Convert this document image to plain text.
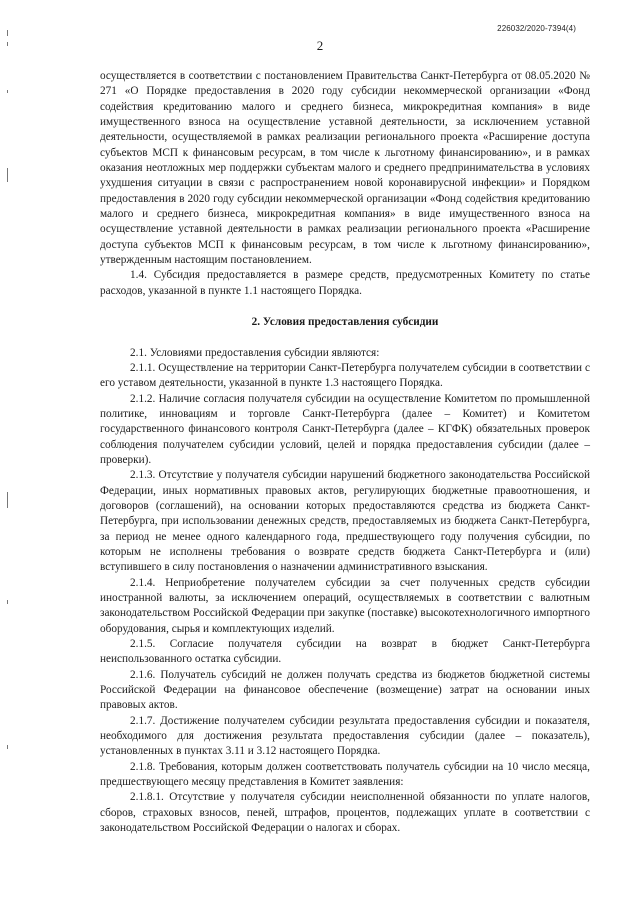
226032/2020-7394(4)
2

осуществляется в соответствии с постановлением Правительства Санкт-Петербурга от 08.05.2020 № 271 «О Порядке предоставления в 2020 году субсидии некоммерческой организации «Фонд содействия кредитованию малого и среднего бизнеса, микрокредитная компания» в виде имущественного взноса на осуществление уставной деятельности, за исключением уставной деятельности, осуществляемой в рамках реализации регионального проекта «Расширение доступа субъектов МСП к финансовым ресурсам, в том числе к льготному финансированию», и в рамках оказания неотложных мер поддержки субъектам малого и среднего предпринимательства в условиях ухудшения ситуации в связи с распространением новой коронавирусной инфекции» и Порядком предоставления в 2020 году субсидии некоммерческой организации «Фонд содействия кредитованию малого и среднего бизнеса, микрокредитная компания» в виде имущественного взноса на осуществление уставной деятельности в рамках реализации регионального проекта «Расширение доступа субъектов МСП к финансовым ресурсам, в том числе к льготному финансированию», утвержденным настоящим постановлением.

1.4. Субсидия предоставляется в размере средств, предусмотренных Комитету по статье расходов, указанной в пункте 1.1 настоящего Порядка.

2. Условия предоставления субсидии

2.1. Условиями предоставления субсидии являются:

2.1.1. Осуществление на территории Санкт-Петербурга получателем субсидии в соответствии с его уставом деятельности, указанной в пункте 1.3 настоящего Порядка.

2.1.2. Наличие согласия получателя субсидии на осуществление Комитетом по промышленной политике, инновациям и торговле Санкт-Петербурга (далее – Комитет) и Комитетом государственного финансового контроля Санкт-Петербурга (далее – КГФК) обязательных проверок соблюдения получателем субсидии условий, целей и порядка предоставления субсидии (далее – проверки).

2.1.3. Отсутствие у получателя субсидии нарушений бюджетного законодательства Российской Федерации, иных нормативных правовых актов, регулирующих бюджетные правоотношения, и договоров (соглашений), на основании которых предоставляются средства из бюджета Санкт-Петербурга, при использовании денежных средств, предоставляемых из бюджета Санкт-Петербурга, за период не менее одного календарного года, предшествующего году получения субсидии, по которым не исполнены требования о возврате средств бюджета Санкт-Петербурга и (или) вступившего в силу постановления о назначении административного взыскания.

2.1.4. Неприобретение получателем субсидии за счет полученных средств субсидии иностранной валюты, за исключением операций, осуществляемых в соответствии с валютным законодательством Российской Федерации при закупке (поставке) высокотехнологичного импортного оборудования, сырья и комплектующих изделий.

2.1.5. Согласие получателя субсидии на возврат в бюджет Санкт-Петербурга неиспользованного остатка субсидии.

2.1.6. Получатель субсидий не должен получать средства из бюджетов бюджетной системы Российской Федерации на финансовое обеспечение (возмещение) затрат на основании иных правовых актов.

2.1.7. Достижение получателем субсидии результата предоставления субсидии и показателя, необходимого для достижения результата предоставления субсидии (далее – показатель), установленных в пунктах 3.11 и 3.12 настоящего Порядка.

2.1.8. Требования, которым должен соответствовать получатель субсидии на 10 число месяца, предшествующего месяцу представления в Комитет заявления:

2.1.8.1. Отсутствие у получателя субсидии неисполненной обязанности по уплате налогов, сборов, страховых взносов, пеней, штрафов, процентов, подлежащих уплате в соответствии с законодательством Российской Федерации о налогах и сборах.
